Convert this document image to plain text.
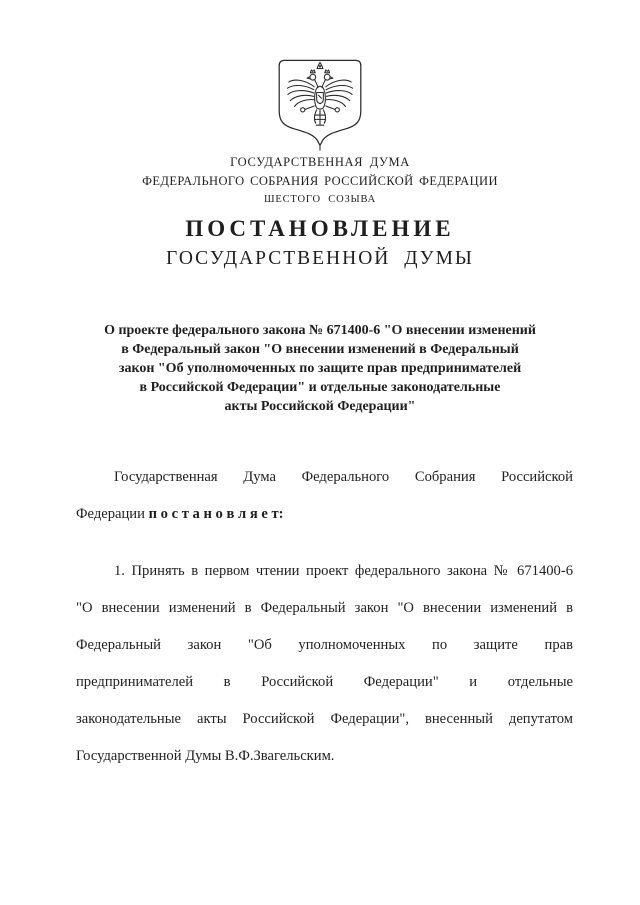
ГОСУДАРСТВЕННАЯ ДУМА
ФЕДЕРАЛЬНОГО СОБРАНИЯ РОССИЙСКОЙ ФЕДЕРАЦИИ
ШЕСТОГО СОЗЫВА
ПОСТАНОВЛЕНИЕ
ГОСУДАРСТВЕННОЙ ДУМЫ
О проекте федерального закона № 671400-6 "О внесении изменений
в Федеральный закон "О внесении изменений в Федеральный
закон "Об уполномоченных по защите прав предпринимателей
в Российской Федерации" и отдельные законодательные
акты Российской Федерации"
Государственная Дума Федерального Собрания Российской
Федерации п о с т а н о в л я е т:
1. Принять в первом чтении проект федерального закона № 671400-6
"О внесении изменений в Федеральный закон "О внесении изменений в
Федеральный закон "Об уполномоченных по защите прав
предпринимателей в Российской Федерации" и отдельные
законодательные акты Российской Федерации", внесенный депутатом
Государственной Думы В.Ф.Звагельским.
